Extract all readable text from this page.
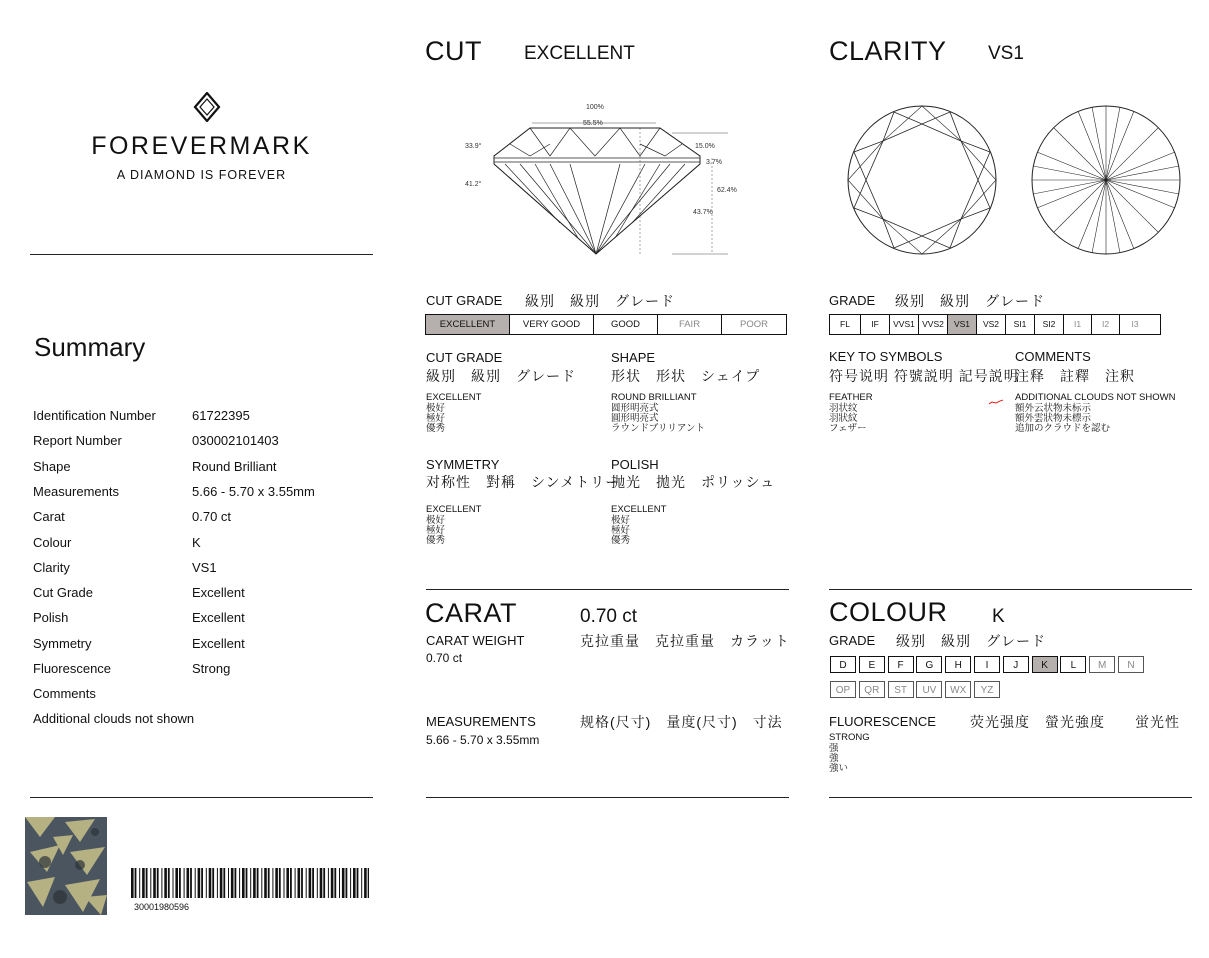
FOREVERMARK
A DIAMOND IS FOREVER
Summary
Identification Number	61722395
Report Number	030002101403
Shape	Round Brilliant
Measurements	5.66 - 5.70 x 3.55mm
Carat	0.70 ct
Colour	K
Clarity	VS1
Cut Grade	Excellent
Polish	Excellent
Symmetry	Excellent
Fluorescence	Strong
Comments
Additional clouds not shown
30001980596
CUT EXCELLENT
100%
55.5%
33.9°
41.2°
15.0%
3.7%
62.4%
43.7%
CUT GRADE 級別　級別　グレード
EXCELLENT	VERY GOOD	GOOD	FAIR	POOR
CUT GRADE
級別　級別　グレード
EXCELLENT
极好
極好
優秀
SHAPE
形状　形状　シェイプ
ROUND BRILLIANT
圆形明亮式
圓形明亮式
ラウンドブリリアント
SYMMETRY
对称性　對稱　シンメトリー
EXCELLENT
极好
極好
優秀
POLISH
抛光　拋光　ポリッシュ
EXCELLENT
极好
極好
優秀
CARAT	0.70 ct
CARAT WEIGHT	克拉重量　克拉重量　カラット
0.70 ct
MEASUREMENTS	规格(尺寸)　量度(尺寸)　寸法
5.66 - 5.70 x 3.55mm
CLARITY VS1
GRADE 级别　級別　グレード
FL	IF	VVS1 VVS2	VS1	VS2	SI1	SI2	I1	I2	I3
KEY TO SYMBOLS
符号说明 符號説明 記号説明
FEATHER
羽状纹
羽狀紋
フェザー
COMMENTS
注释　註釋　注釈
ADDITIONAL CLOUDS NOT SHOWN
額外云状物未标示
額外雲狀物未標示
追加のクラウドを認む
COLOUR K
GRADE 级别　級別　グレード
D	E	F	G	H	I	J	K	L	M	N
OP	QR	ST	UV	WX	YZ
FLUORESCENCE 荧光强度　螢光強度　　蛍光性
STRONG
强
強
強い
